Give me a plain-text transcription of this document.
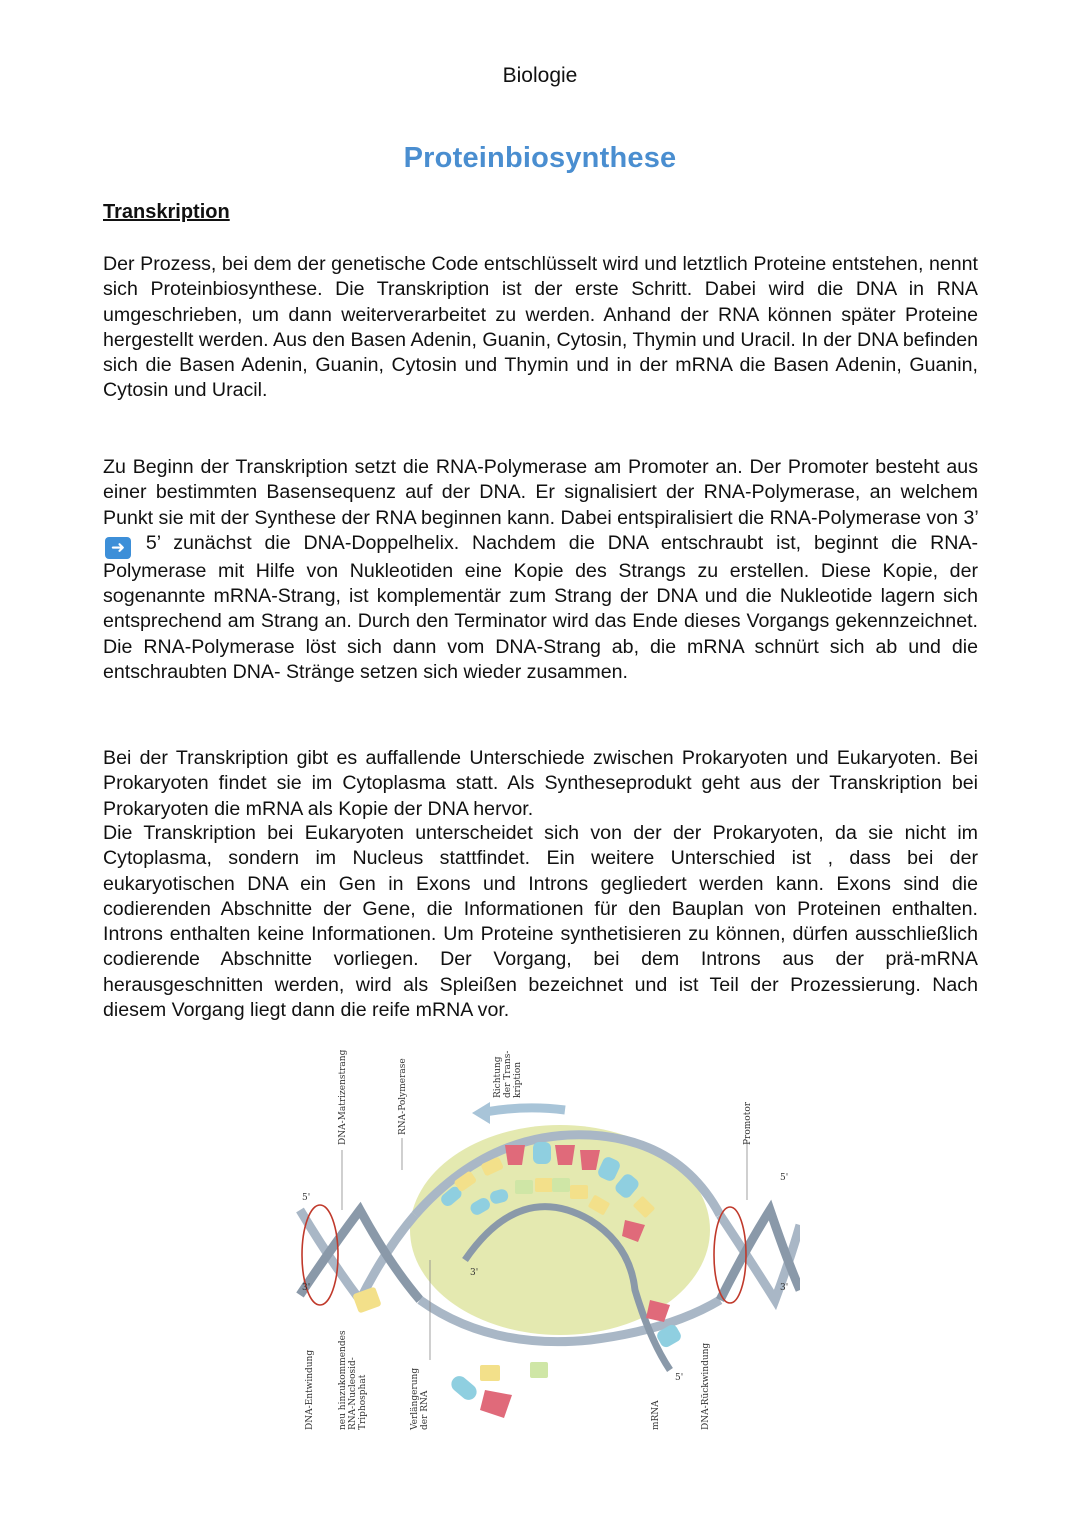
Biologie
Proteinbiosynthese
Transkription
Der Prozess, bei dem der genetische Code entschlüsselt wird und letztlich Proteine entstehen, nennt sich Proteinbiosynthese. Die Transkription ist der erste Schritt. Dabei wird die DNA in RNA umgeschrieben, um dann weiterverarbeitet zu werden. Anhand der RNA können später Proteine hergestellt werden. Aus den Basen Adenin, Guanin, Cytosin, Thymin und Uracil. In der DNA befinden sich die Basen Adenin, Guanin, Cytosin und Thymin und in der mRNA die Basen Adenin, Guanin, Cytosin und Uracil.
Zu Beginn der Transkription setzt die RNA-Polymerase am Promoter an. Der Promoter besteht aus einer bestimmten Basensequenz auf der DNA. Er signalisiert der RNA-Polymerase, an welchem Punkt sie mit der Synthese der RNA beginnen kann. Dabei entspiralisiert die RNA-Polymerase von 3’ ➜ 5’ zunächst die DNA-Doppelhelix. Nachdem die DNA entschraubt ist, beginnt die RNA-Polymerase mit Hilfe von Nukleotiden eine Kopie des Strangs zu erstellen. Diese Kopie, der sogenannte mRNA-Strang, ist komplementär zum Strang der DNA und die Nukleotide lagern sich entsprechend am Strang an. Durch den Terminator wird das Ende dieses Vorgangs gekennzeichnet. Die RNA-Polymerase löst sich dann vom DNA-Strang ab, die mRNA schnürt sich ab und die entschraubten DNA- Stränge setzen sich wieder zusammen.
Bei der Transkription gibt es auffallende Unterschiede zwischen Prokaryoten und Eukaryoten. Bei Prokaryoten findet sie im Cytoplasma statt. Als Syntheseprodukt geht aus der Transkription bei Prokaryoten die mRNA als Kopie der DNA hervor.
Die Transkription bei Eukaryoten unterscheidet sich von der der Prokaryoten, da sie nicht im Cytoplasma, sondern im Nucleus stattfindet. Ein weitere Unterschied ist , dass bei der eukaryotischen DNA ein Gen in Exons und Introns gegliedert werden kann. Exons sind die codierenden Abschnitte der Gene, die Informationen für den Bauplan von Proteinen enthalten. Introns enthalten keine Informationen. Um Proteine synthetisieren zu können, dürfen ausschließlich codierende Abschnitte vorliegen. Der Vorgang, bei dem Introns aus der prä-mRNA herausgeschnitten werden, wird als Spleißen bezeichnet und ist Teil der Prozessierung. Nach diesem Vorgang liegt dann die reife mRNA vor.
DNA-Matrizenstrang	RNA-Polymerase	Richtung der Trans- kription
Promotor
DNA-Entwindung	neu hinzukommendes RNA-Nucleosid- Triphosphat	Verlängerung der RNA	mRNA	DNA-Rückwindung
5'
3'
5'
3'
3'
5'
